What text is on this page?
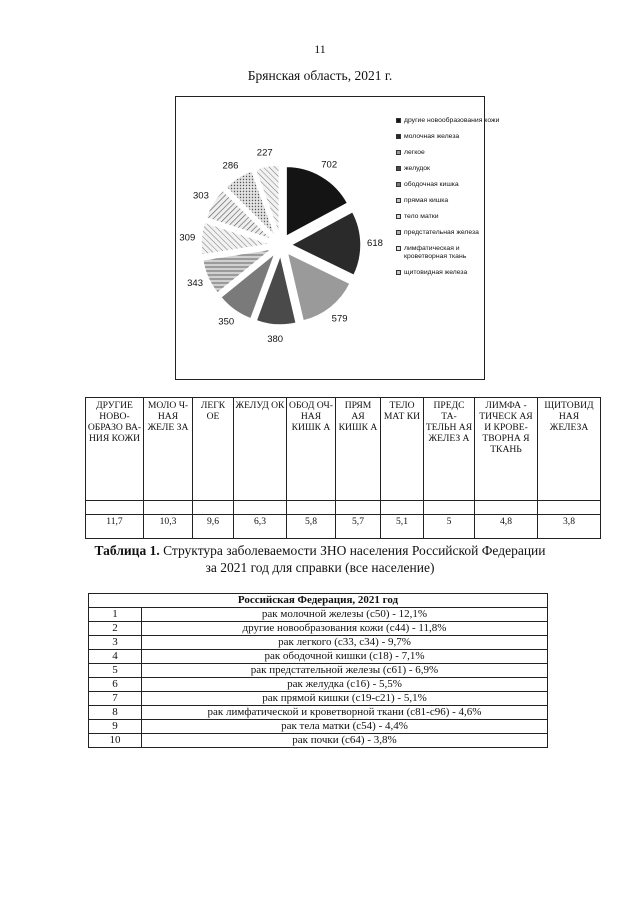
11
Брянская область, 2021 г.
702
618
579
380
350
343
309
303
286
227
другие новообразования кожи
молочная железа
легкое
желудок
ободочная кишка
прямая кишка
тело матки
предстательная железа
лимфатическая и кроветворная ткань
щитовидная железа
ДРУГИЕ НОВО- ОБРАЗО ВА- НИЯ КОЖИ	МОЛО Ч- НАЯ ЖЕЛЕ ЗА	ЛЕГК ОЕ	ЖЕЛУД ОК	ОБОД ОЧ- НАЯ КИШК А	ПРЯМ АЯ КИШК А	ТЕЛО МАТ КИ	ПРЕДС ТА- ТЕЛЬН АЯ ЖЕЛЕЗ А	ЛИМФА - ТИЧЕСК АЯ И КРОВЕ- ТВОРНА Я ТКАНЬ	ЩИТОВИД НАЯ ЖЕЛЕЗА

11,7	10,3	9,6	6,3	5,8	5,7	5,1	5	4,8	3,8
Таблица 1. Структура заболеваемости ЗНО населения Российской Федерации за 2021 год для справки (все население)
Российская Федерация, 2021 год	
1	рак молочной железы (с50) - 12,1%
2	другие новообразования кожи (с44) - 11,8%
3	рак легкого (с33, с34) - 9,7%
4	рак ободочной кишки (с18) - 7,1%
5	рак предстательной железы (с61) - 6,9%
6	рак желудка (с16) - 5,5%
7	рак прямой кишки (с19-с21) - 5,1%
8	рак лимфатической и кроветворной ткани (с81-с96) - 4,6%
9	рак тела матки (с54) - 4,4%
10	рак почки (с64) - 3,8%
